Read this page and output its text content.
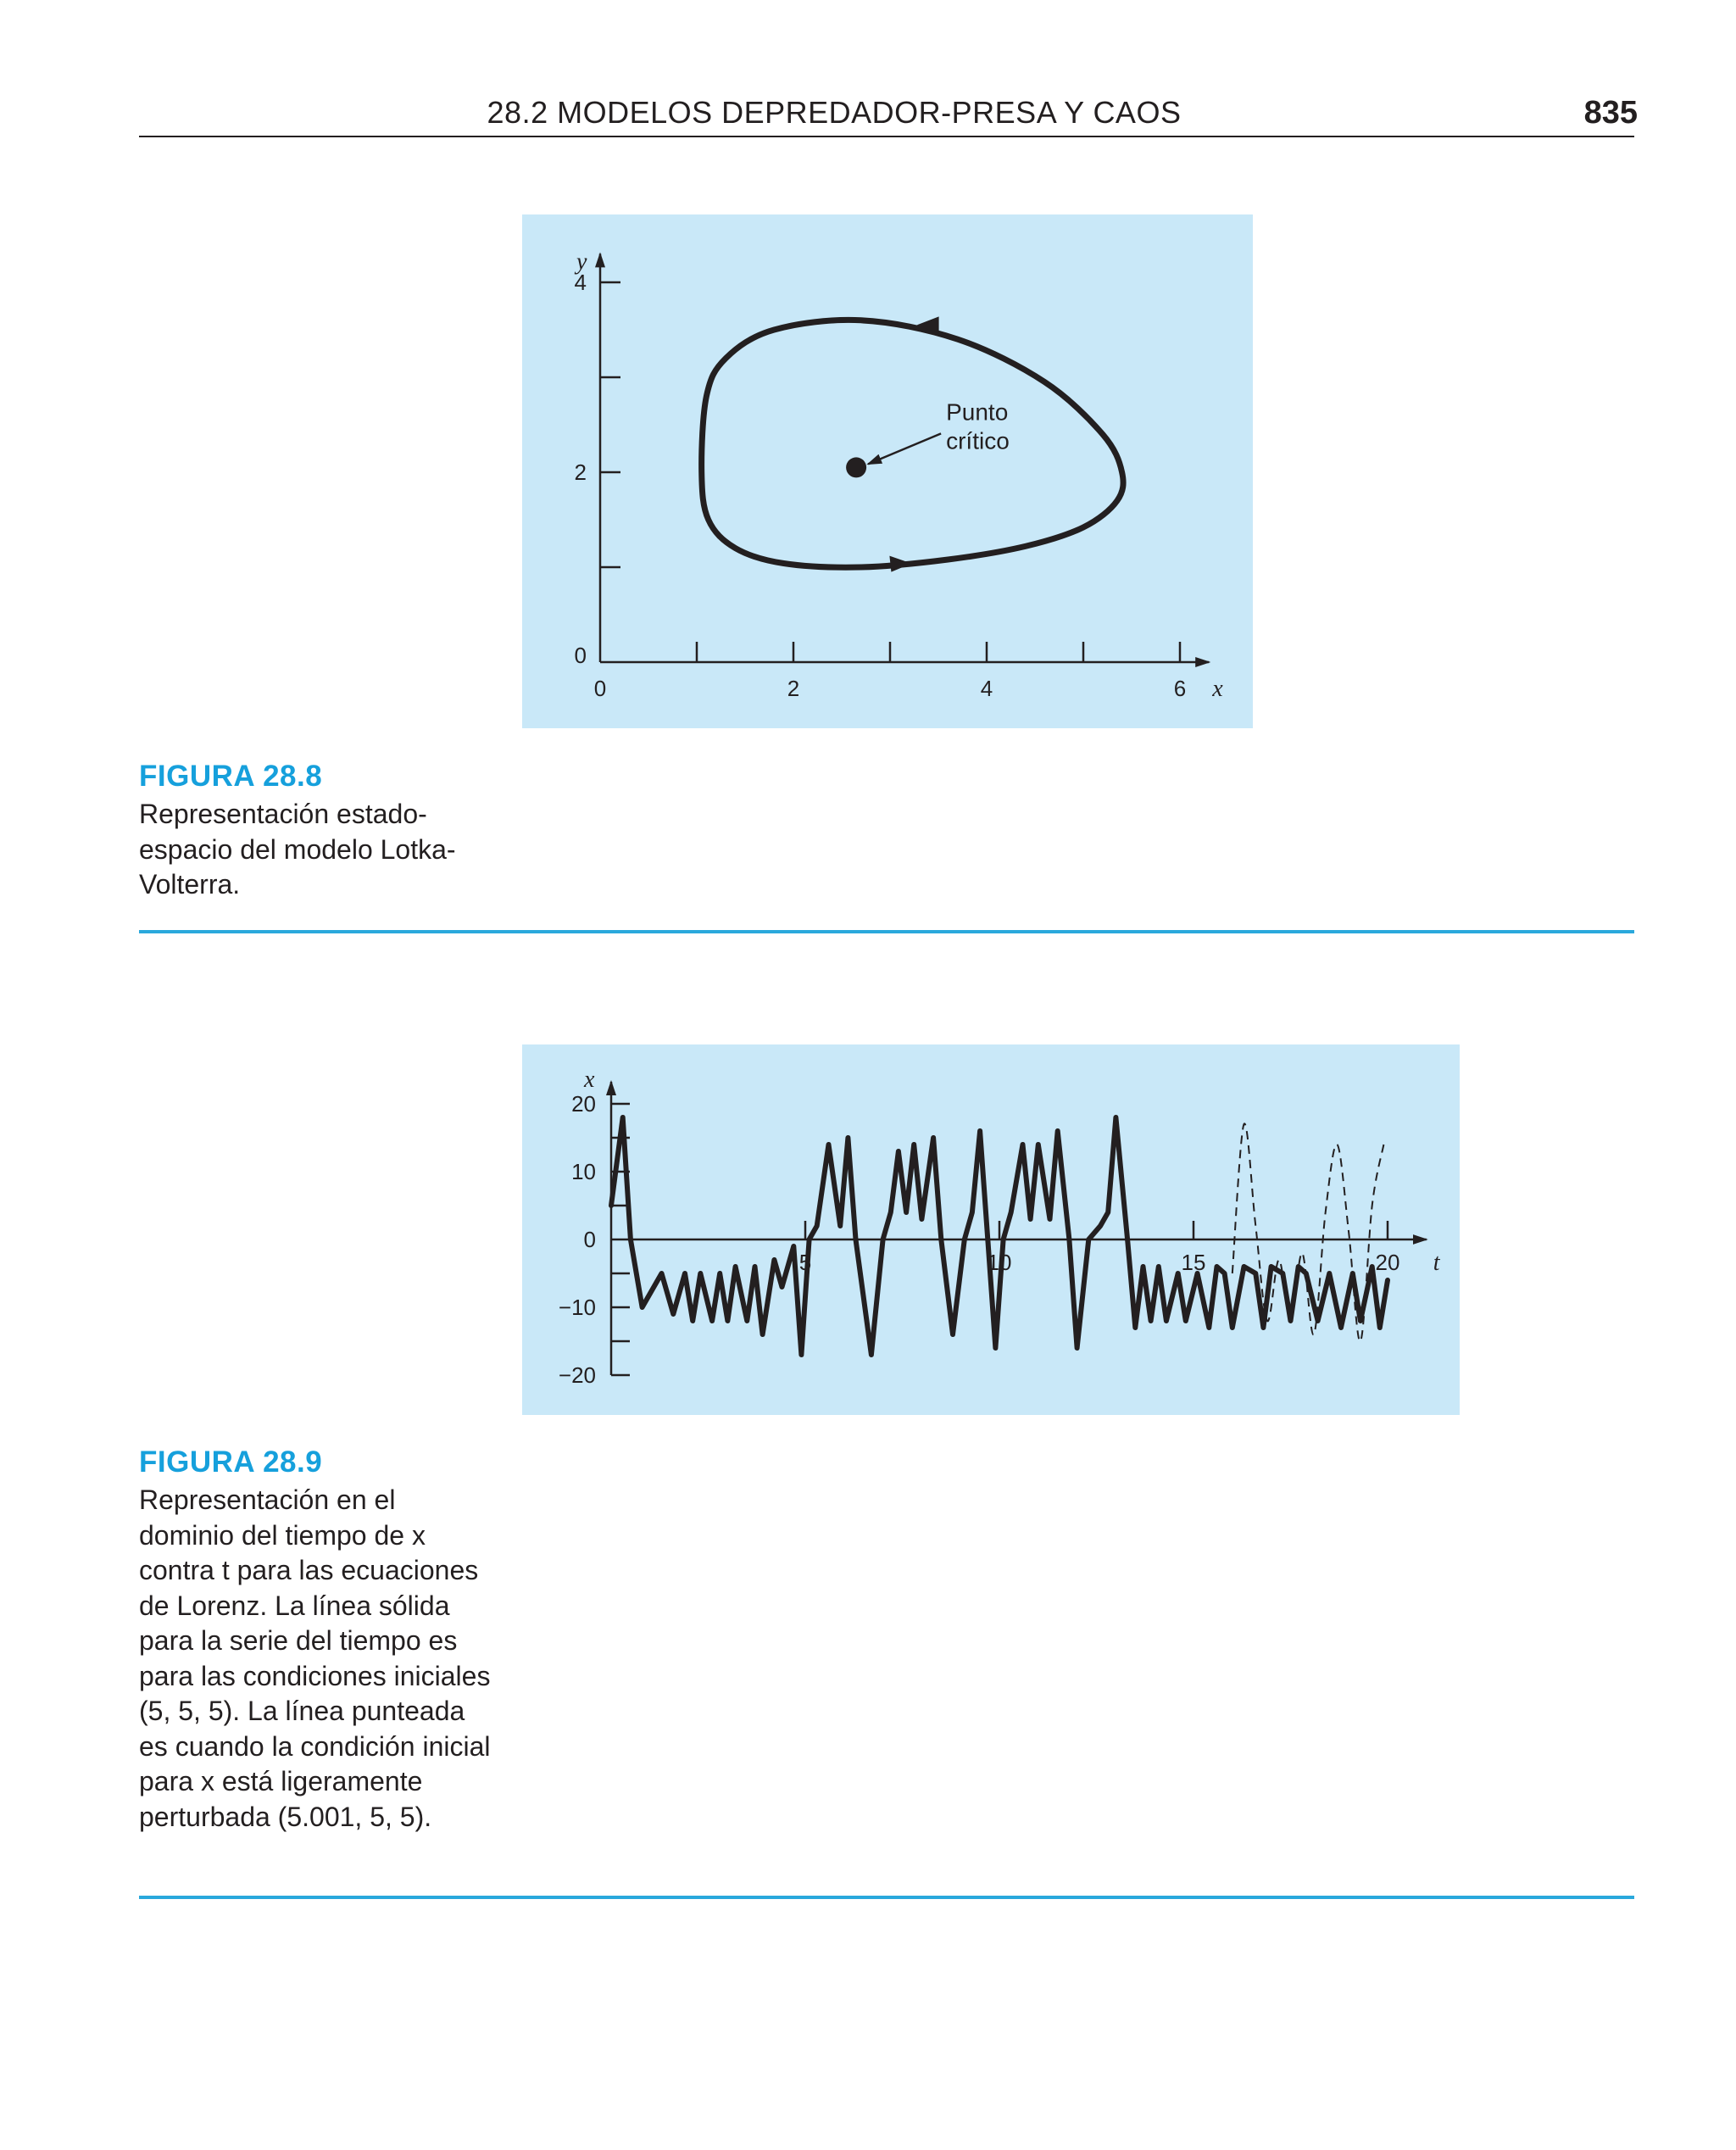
28.2 MODELOS DEPREDADOR-PRESA Y CAOS	835
0	2	4	6
0
2
4
x
y
Punto
crítico

FIGURA 28.8

Representación estado-espacio del modelo Lotka-Volterra.

20
10
0
−10
−20
5	10	15	20 t
x

FIGURA 28.9

Representación en el dominio del tiempo de x contra t para las ecuaciones de Lorenz. La línea sólida para la serie del tiempo es para las condiciones iniciales (5, 5, 5). La línea punteada es cuando la condición inicial para x está ligeramente perturbada (5.001, 5, 5).
